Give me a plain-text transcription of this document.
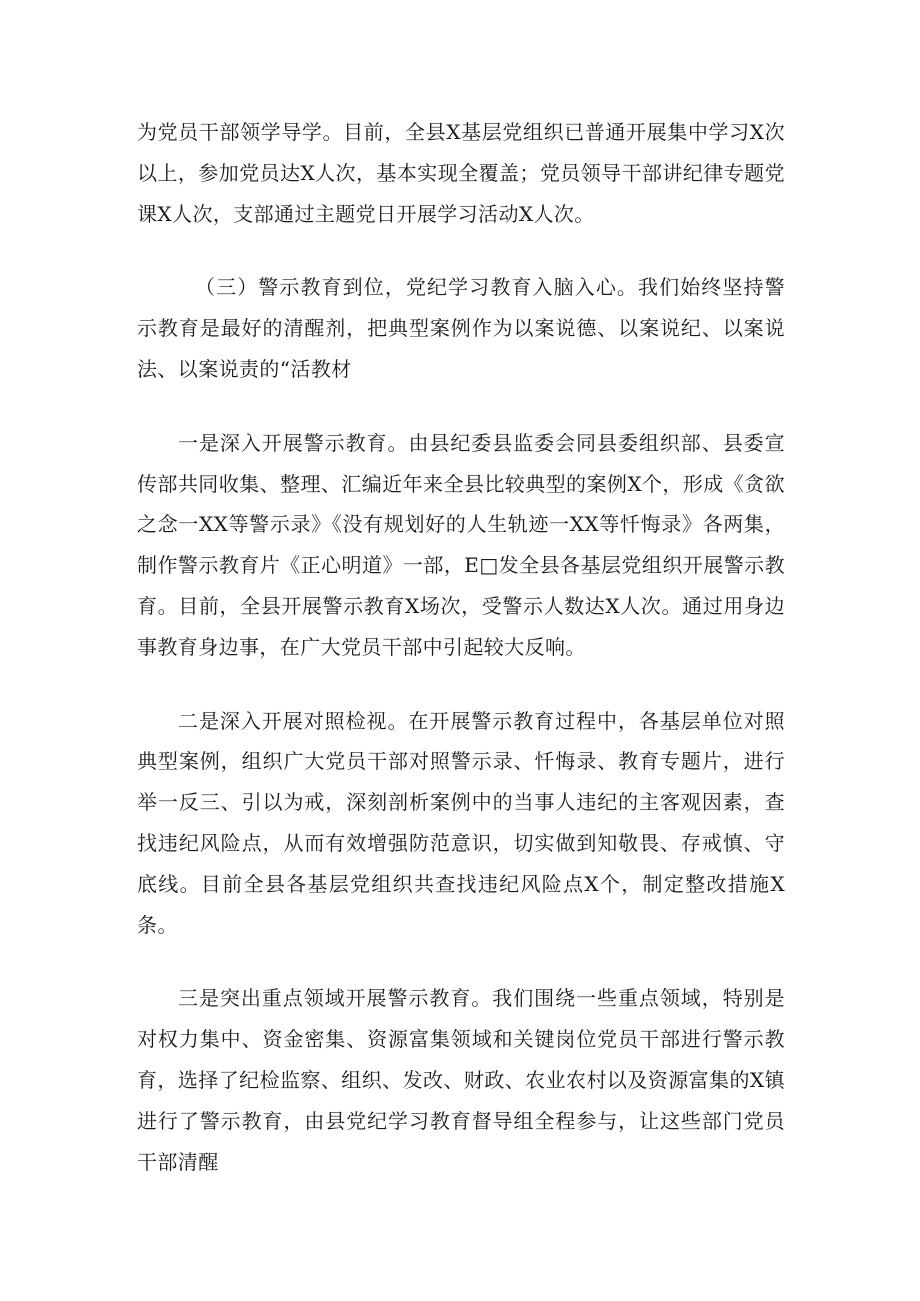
为党员干部领学导学。目前，全县X基层党组织已普通开展集中学习X次以上，参加党员达X人次，基本实现全覆盖；党员领导干部讲纪律专题党课X人次，支部通过主题党日开展学习活动X人次。

（三）警示教育到位，党纪学习教育入脑入心。我们始终坚持警示教育是最好的清醒剂，把典型案例作为以案说德、以案说纪、以案说法、以案说责的“活教材

一是深入开展警示教育。由县纪委县监委会同县委组织部、县委宣传部共同收集、整理、汇编近年来全县比较典型的案例X个，形成《贪欲之念一XX等警示录》《没有规划好的人生轨迹一XX等忏悔录》各两集，制作警示教育片《正心明道》一部，E□发全县各基层党组织开展警示教育。目前，全县开展警示教育X场次，受警示人数达X人次。通过用身边事教育身边事，在广大党员干部中引起较大反响。

二是深入开展对照检视。在开展警示教育过程中，各基层单位对照典型案例，组织广大党员干部对照警示录、忏悔录、教育专题片，进行举一反三、引以为戒，深刻剖析案例中的当事人违纪的主客观因素，查找违纪风险点，从而有效增强防范意识，切实做到知敬畏、存戒慎、守底线。目前全县各基层党组织共查找违纪风险点X个，制定整改措施X条。

三是突出重点领域开展警示教育。我们围绕一些重点领域，特别是对权力集中、资金密集、资源富集领域和关键岗位党员干部进行警示教育，选择了纪检监察、组织、发改、财政、农业农村以及资源富集的X镇进行了警示教育，由县党纪学习教育督导组全程参与，让这些部门党员干部清醒
